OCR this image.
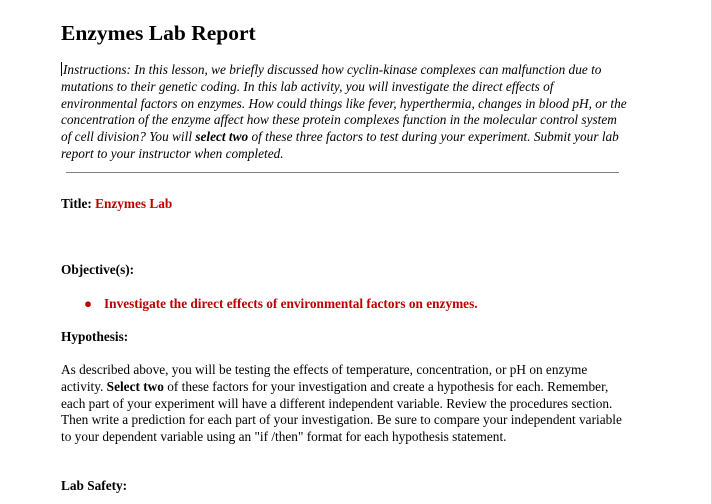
Enzymes Lab Report

Instructions: In this lesson, we briefly discussed how cyclin-kinase complexes can malfunction due to mutations to their genetic coding. In this lab activity, you will investigate the direct effects of environmental factors on enzymes. How could things like fever, hyperthermia, changes in blood pH, or the concentration of the enzyme affect how these protein complexes function in the molecular control system of cell division? You will select two of these three factors to test during your experiment. Submit your lab report to your instructor when completed.

Title: Enzymes Lab

Objective(s):

● Investigate the direct effects of environmental factors on enzymes.

Hypothesis:

As described above, you will be testing the effects of temperature, concentration, or pH on enzyme activity. Select two of these factors for your investigation and create a hypothesis for each. Remember, each part of your experiment will have a different independent variable. Review the procedures section. Then write a prediction for each part of your investigation. Be sure to compare your independent variable to your dependent variable using an "if /then" format for each hypothesis statement.

Lab Safety:
